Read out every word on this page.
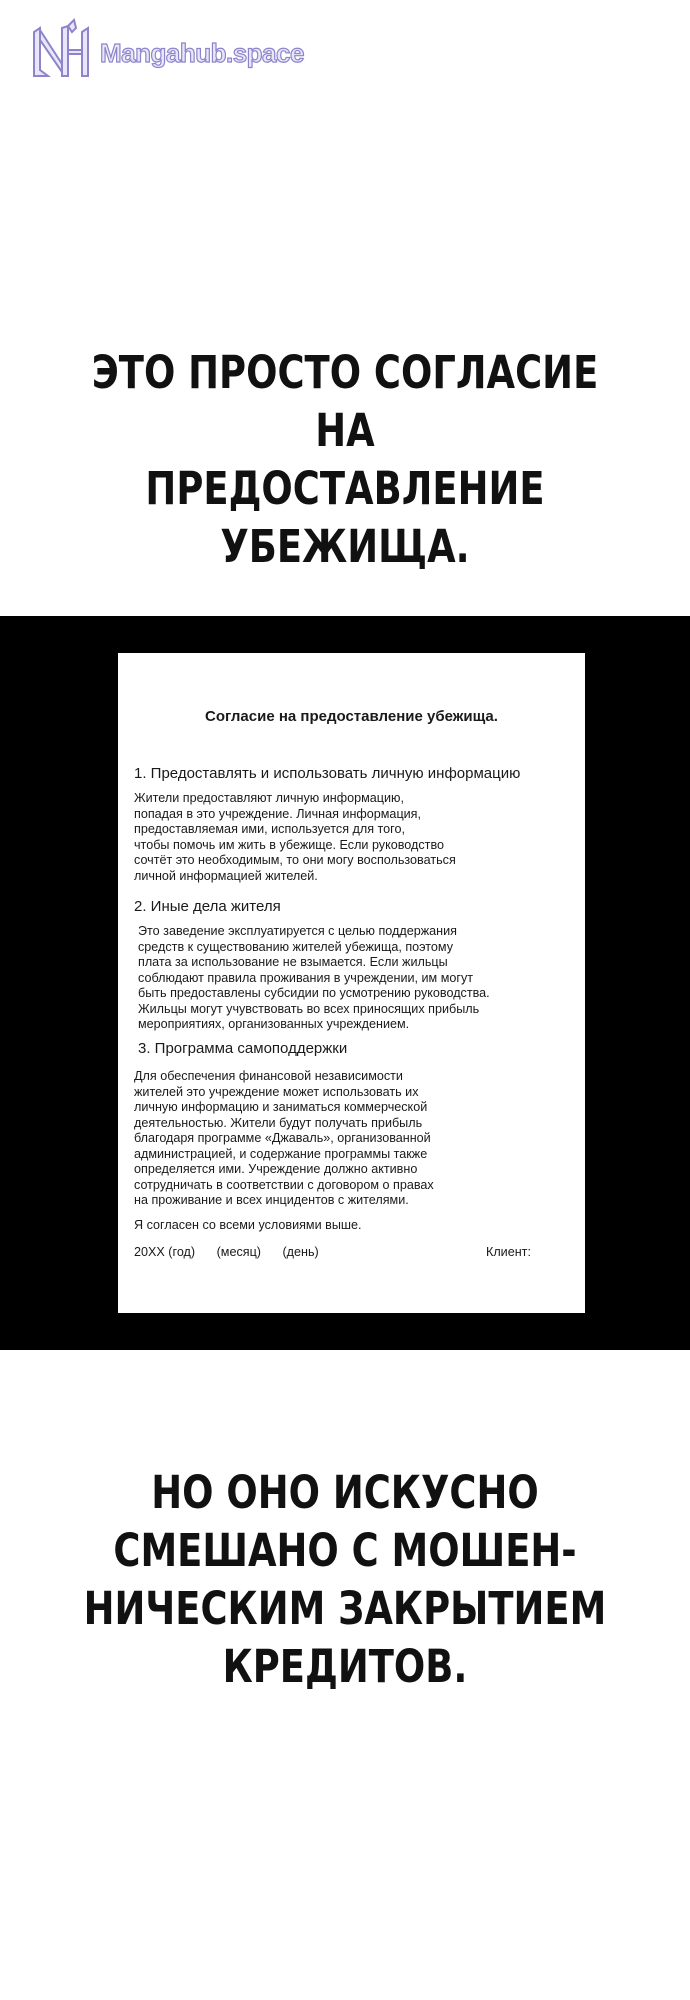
Mangahub.space
ЭТО ПРОСТО СОГЛАСИЕ НА
ПРЕДОСТАВЛЕНИЕ УБЕЖИЩА.
Согласие на предоставление убежища.
1. Предоставлять и использовать личную информацию

Жители предоставляют личную информацию,
попадая в это учреждение. Личная информация,
предоставляемая ими, используется для того,
чтобы помочь им жить в убежище. Если руководство
сочтёт это необходимым, то они могу воспользоваться
личной информацией жителей.

2. Иные дела жителя

Это заведение эксплуатируется с целью поддержания
средств к существованию жителей убежища, поэтому
плата за использование не взымается. Если жильцы
соблюдают правила проживания в учреждении, им могут
быть предоставлены субсидии по усмотрению руководства.
Жильцы могут учувствовать во всех приносящих прибыль
мероприятиях, организованных учреждением.

3. Программа самоподдержки

Для обеспечения финансовой независимости
жителей это учреждение может использовать их
личную информацию и заниматься коммерческой
деятельностью. Жители будут получать прибыль
благодаря программе «Джаваль», организованной
администрацией, и содержание программы также
определяется ими. Учреждение должно активно
сотрудничать в соответствии с договором о правах
на проживание и всех инцидентов с жителями.

Я согласен со всеми условиями выше.
20XX (год) (месяц) (день)	Клиент:
НО ОНО ИСКУСНО
СМЕШАНО С МОШЕН-
НИЧЕСКИМ ЗАКРЫТИЕМ
КРЕДИТОВ.
